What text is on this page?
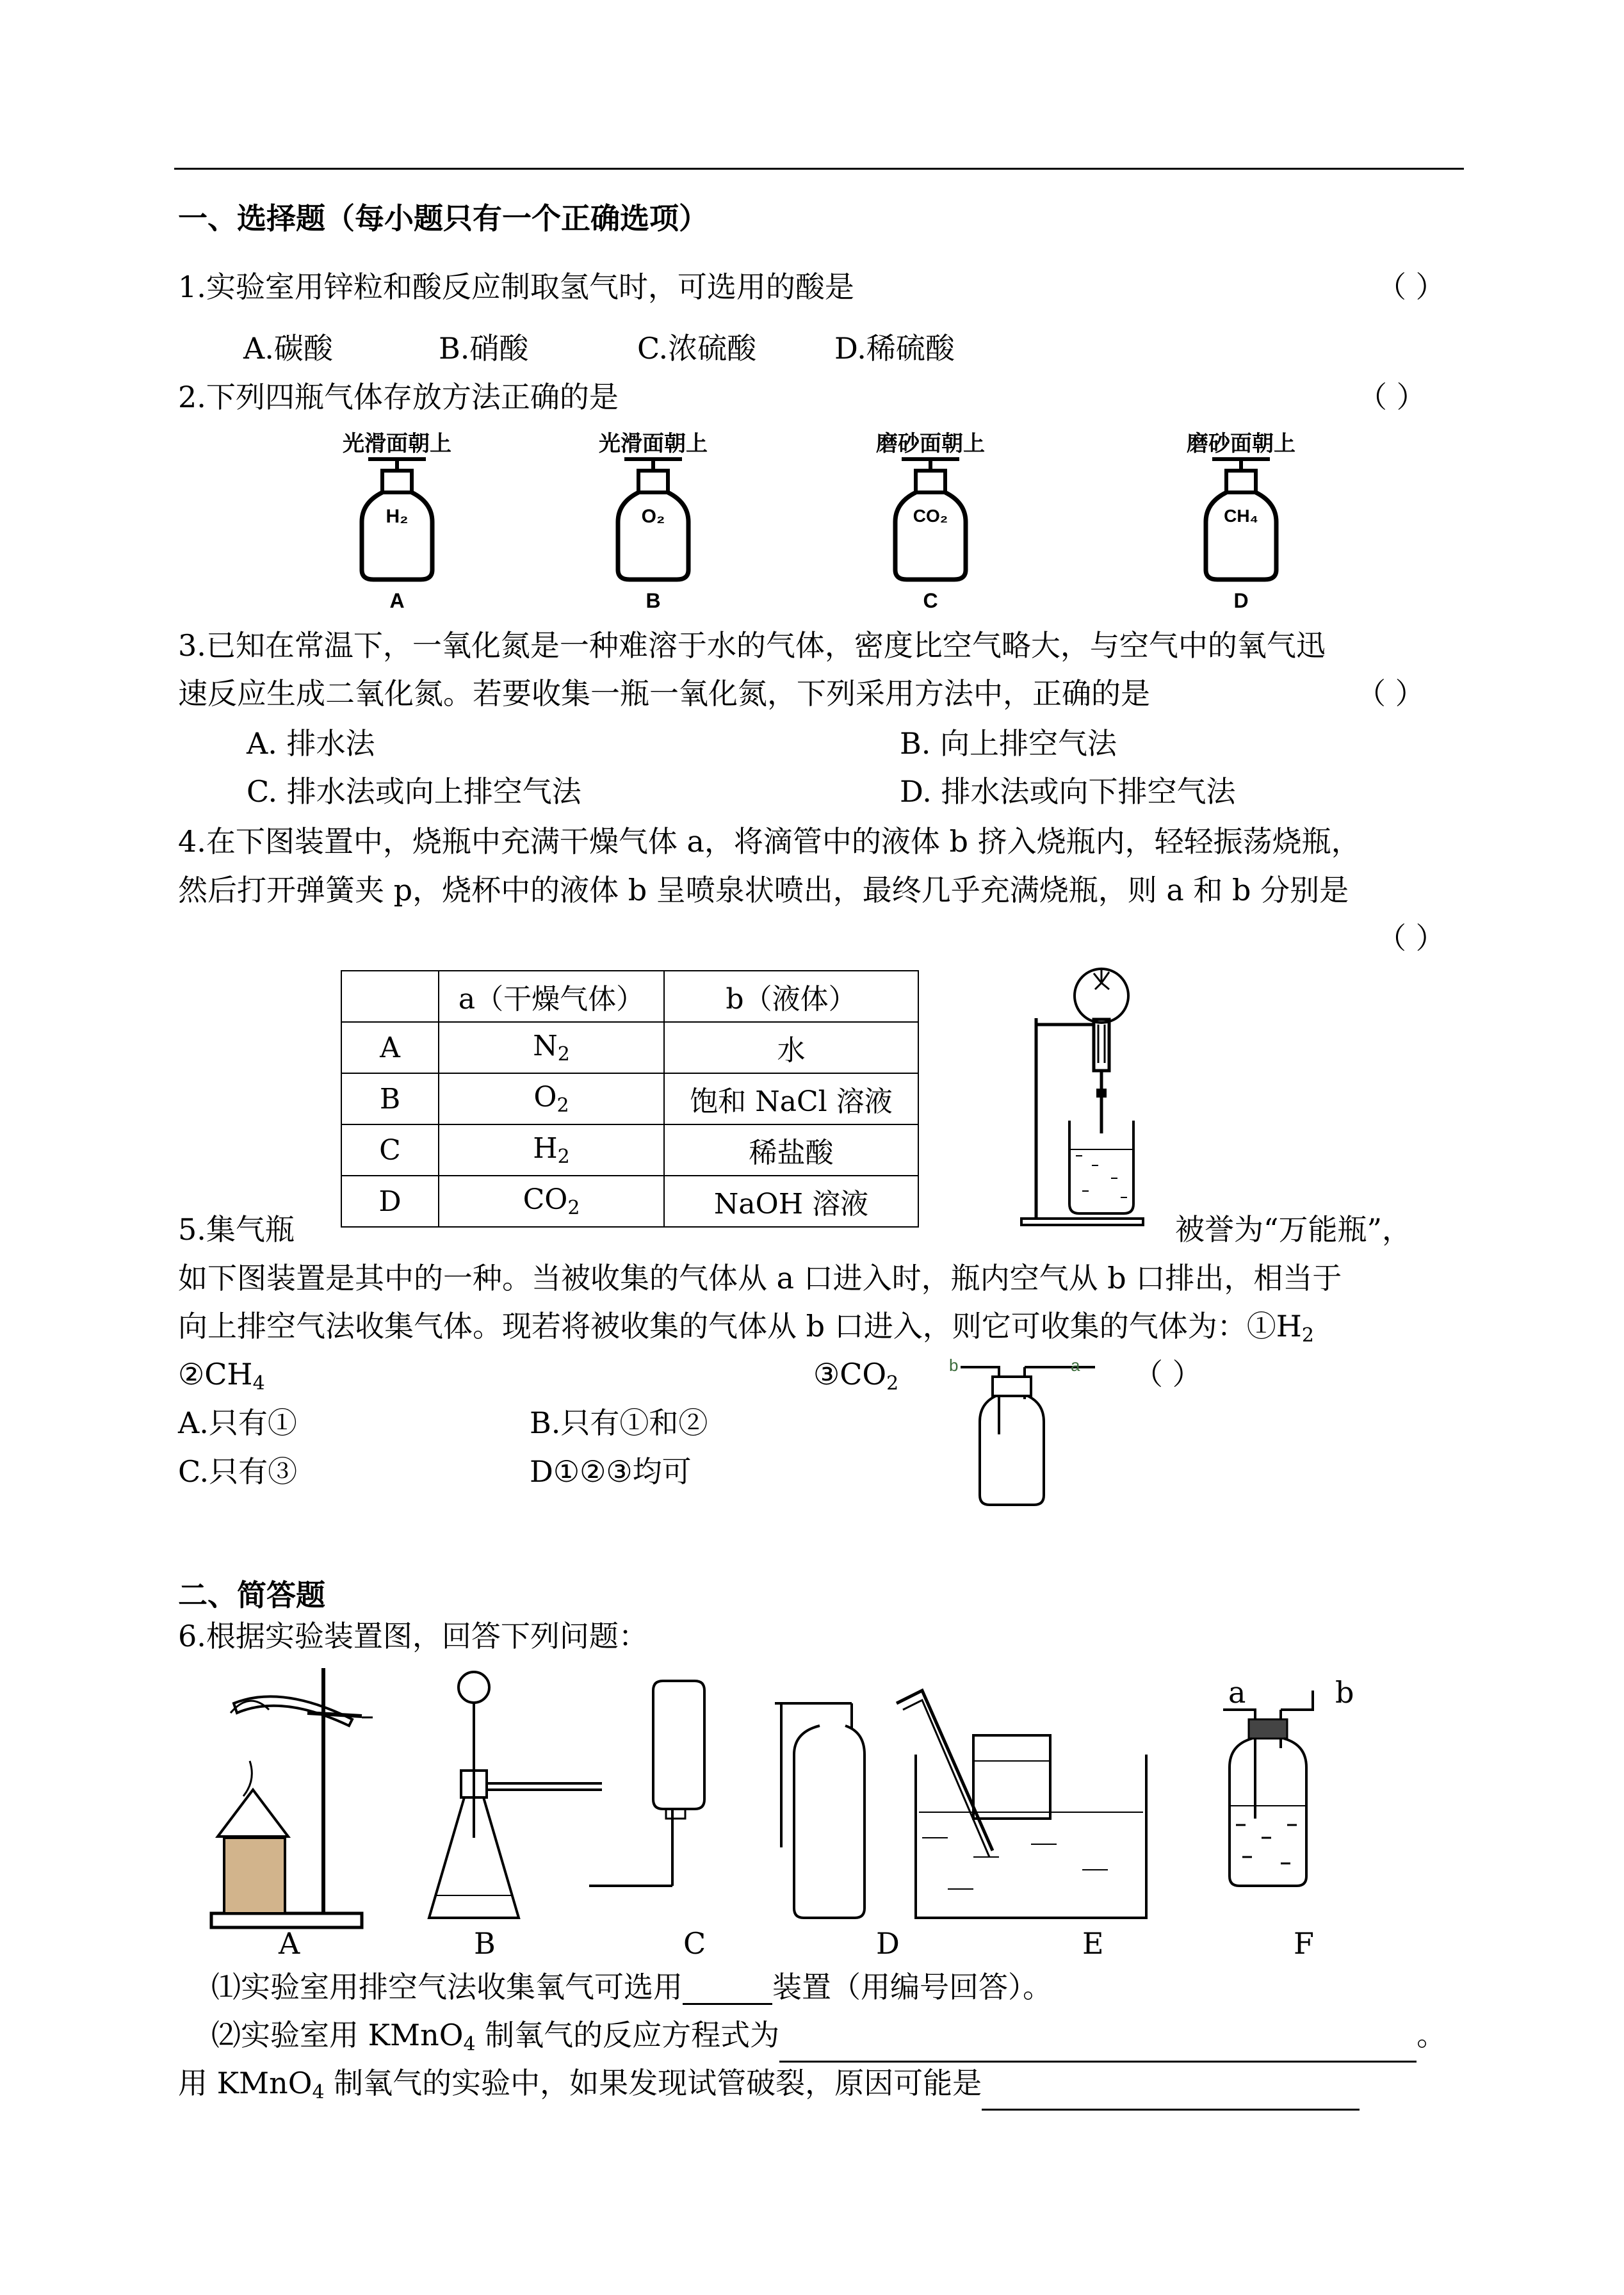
一、选择题（每小题只有一个正确选项）
1.实验室用锌粒和酸反应制取氢气时，可选用的酸是	（ ）
A.碳酸	B.硝酸	C.浓硫酸	D.稀硫酸
2.下列四瓶气体存放方法正确的是	（ ）
光滑面朝上
H₂
A
光滑面朝上
O₂
B
磨砂面朝上
CO₂
C
磨砂面朝上
CH₄
D
3.已知在常温下，一氧化氮是一种难溶于水的气体，密度比空气略大，与空气中的氧气迅
速反应生成二氧化氮。若要收集一瓶一氧化氮，下列采用方法中，正确的是	（ ）
A. 排水法	B. 向上排空气法
C. 排水法或向上排空气法	D. 排水法或向下排空气法
4.在下图装置中，烧瓶中充满干燥气体 a，将滴管中的液体 b 挤入烧瓶内，轻轻振荡烧瓶，
然后打开弹簧夹 p，烧杯中的液体 b 呈喷泉状喷出，最终几乎充满烧瓶，则 a 和 b 分别是
（ ）
	a（干燥气体）	b（液体）
A	$N_2$	水
B	$O_2$	饱和 NaCl 溶液
C	$H_2$	稀盐酸
D	$CO_2$	NaOH 溶液
5.集气瓶	被誉为“万能瓶”，
如下图装置是其中的一种。当被收集的气体从 a 口进入时，瓶内空气从 b 口排出，相当于
向上排空气法收集气体。现若将被收集的气体从 b 口进入，则它可收集的气体为：$①H_2$
$②CH_4$	$③CO_2$	（ ）
b	a
A.只有①	B.只有①和②
C.只有③	D①②③均可
二、简答题
6.根据实验装置图，回答下列问题：
a	b
A	B	C	D	E	F
⑴实验室用排空气法收集氧气可选用	装置（用编号回答）。
⑵实验室用 KMnO$_4$ 制氧气的反应方程式为	。
用 KMnO$_4$ 制氧气的实验中，如果发现试管破裂，原因可能是
